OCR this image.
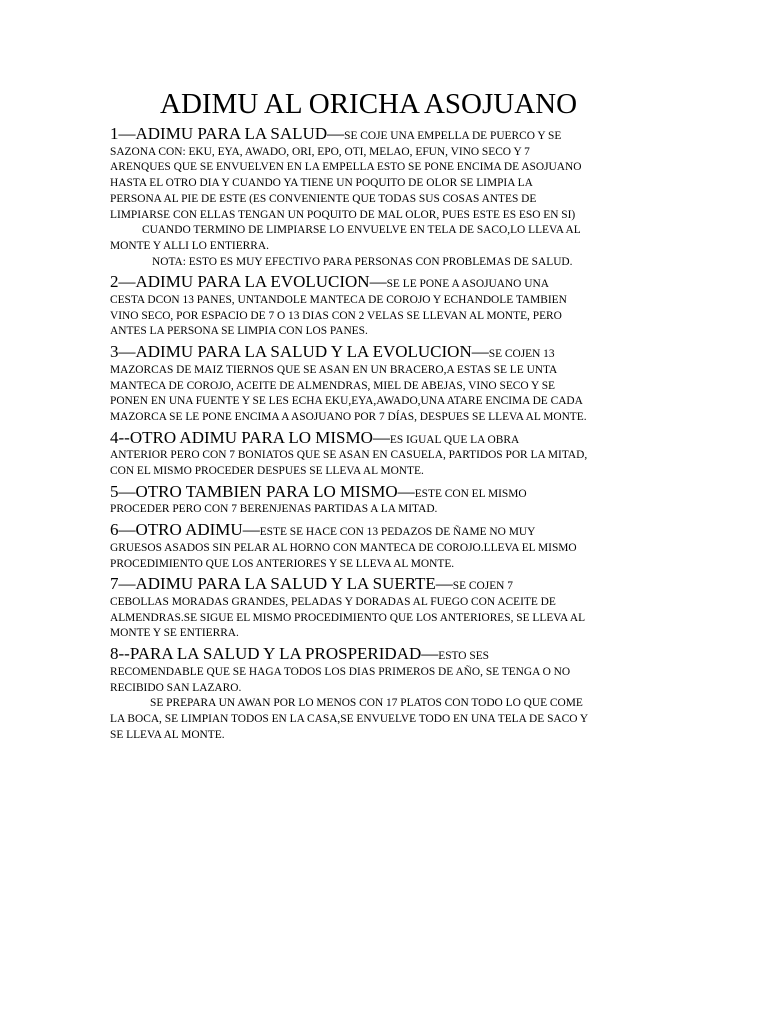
ADIMU AL ORICHA ASOJUANO
1—ADIMU PARA LA SALUD—SE COJE UNA EMPELLA DE PUERCO Y SE

SAZONA CON: EKU, EYA, AWADO, ORI, EPO, OTI, MELAO, EFUN, VINO SECO Y 7
ARENQUES QUE SE ENVUELVEN EN LA EMPELLA ESTO SE PONE ENCIMA DE ASOJUANO
HASTA EL OTRO DIA Y CUANDO YA TIENE UN POQUITO DE OLOR SE LIMPIA LA
PERSONA AL PIE DE ESTE (ES CONVENIENTE QUE TODAS SUS COSAS ANTES DE
LIMPIARSE CON ELLAS TENGAN UN POQUITO DE MAL OLOR, PUES ESTE ES ESO EN SI)

CUANDO TERMINO DE LIMPIARSE LO ENVUELVE EN TELA DE SACO,LO LLEVA AL
MONTE Y ALLI LO ENTIERRA.

NOTA: ESTO ES MUY EFECTIVO PARA PERSONAS CON PROBLEMAS DE SALUD.

2—ADIMU PARA LA EVOLUCION—SE LE PONE A ASOJUANO UNA

CESTA DCON 13 PANES, UNTANDOLE MANTECA DE COROJO Y ECHANDOLE TAMBIEN
VINO SECO, POR ESPACIO DE 7 O 13 DIAS CON 2 VELAS SE LLEVAN AL MONTE, PERO
ANTES LA PERSONA SE LIMPIA CON LOS PANES.

3—ADIMU PARA LA SALUD Y LA EVOLUCION—SE COJEN 13

MAZORCAS DE MAIZ TIERNOS QUE SE ASAN EN UN BRACERO,A ESTAS SE LE UNTA
MANTECA DE COROJO, ACEITE DE ALMENDRAS, MIEL DE ABEJAS, VINO SECO Y SE
PONEN EN UNA FUENTE Y SE LES ECHA EKU,EYA,AWADO,UNA ATARE ENCIMA DE CADA
MAZORCA SE LE PONE ENCIMA A ASOJUANO POR 7 DÍAS, DESPUES SE LLEVA AL MONTE.

4--OTRO ADIMU PARA LO MISMO—ES IGUAL QUE LA OBRA

ANTERIOR PERO CON 7 BONIATOS QUE SE ASAN EN CASUELA, PARTIDOS POR LA MITAD,
CON EL MISMO PROCEDER DESPUES SE LLEVA AL MONTE.

5—OTRO TAMBIEN PARA LO MISMO—ESTE CON EL MISMO

PROCEDER PERO CON 7 BERENJENAS PARTIDAS A LA MITAD.

6—OTRO ADIMU—ESTE SE HACE CON 13 PEDAZOS DE ÑAME NO MUY

GRUESOS ASADOS SIN PELAR AL HORNO CON MANTECA DE COROJO.LLEVA EL MISMO
PROCEDIMIENTO QUE LOS ANTERIORES Y SE LLEVA AL MONTE.

7—ADIMU PARA LA SALUD Y LA SUERTE—SE COJEN 7

CEBOLLAS MORADAS GRANDES, PELADAS Y DORADAS AL FUEGO CON ACEITE DE
ALMENDRAS.SE SIGUE EL MISMO PROCEDIMIENTO QUE LOS ANTERIORES, SE LLEVA AL
MONTE Y SE ENTIERRA.

8--PARA LA SALUD Y LA PROSPERIDAD—ESTO SES

RECOMENDABLE QUE SE HAGA TODOS LOS DIAS PRIMEROS DE AÑO, SE TENGA O NO
RECIBIDO SAN LAZARO.

SE PREPARA UN AWAN POR LO MENOS CON 17 PLATOS CON TODO LO QUE COME
LA BOCA, SE LIMPIAN TODOS EN LA CASA,SE ENVUELVE TODO EN UNA TELA DE SACO Y
SE LLEVA AL MONTE.
